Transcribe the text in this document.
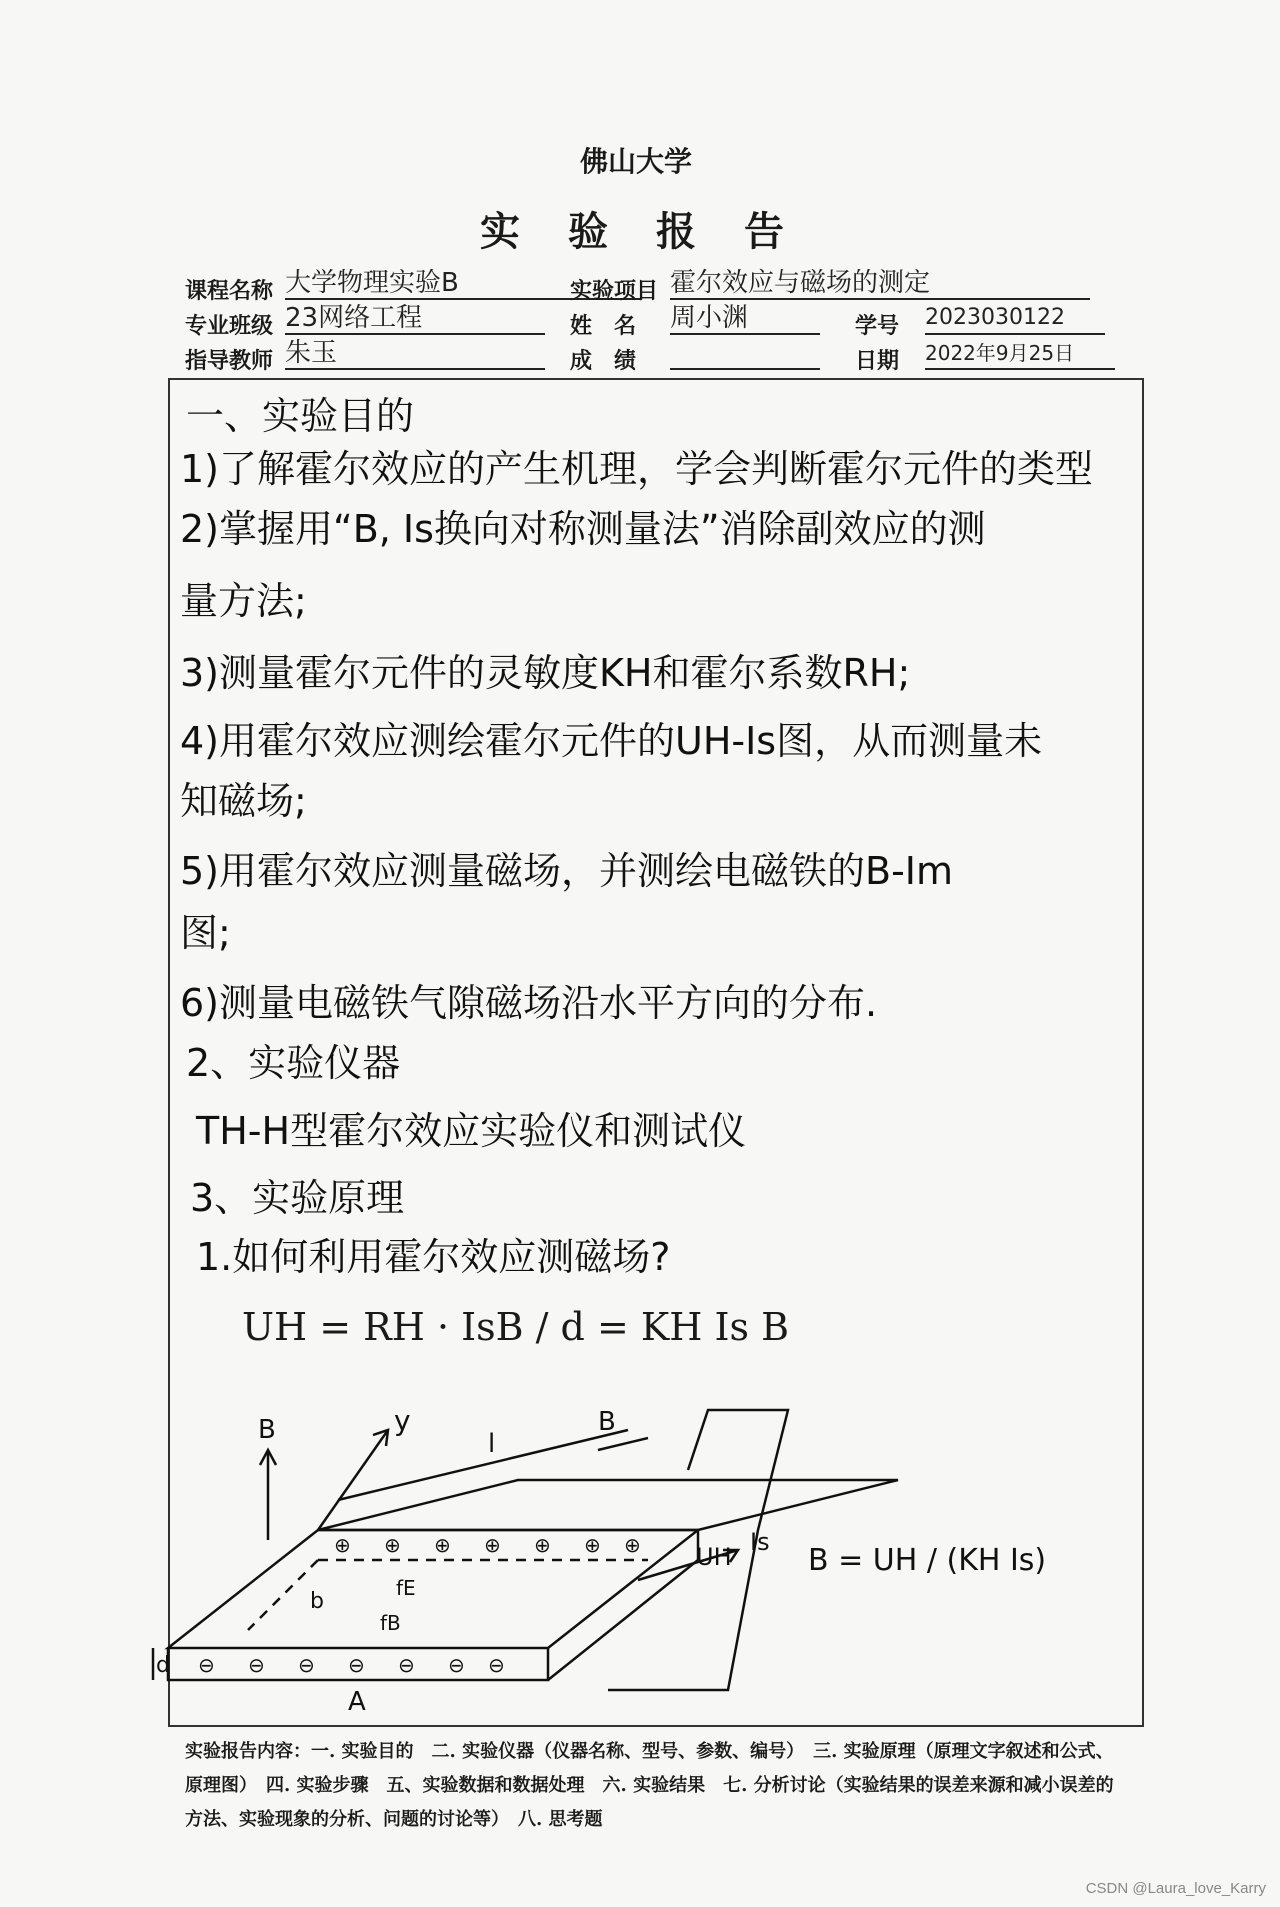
佛山大学
实验报告
课程名称 大学物理实验B	实验项目 霍尔效应与磁场的测定
专业班级 23网络工程	姓　名 周小渊	学号 2023030122
指导教师 朱玉	成　绩	日期 2022年9月25日
一、实验目的
1)了解霍尔效应的产生机理，学会判断霍尔元件的类型
2)掌握用“B, Is换向对称测量法”消除副效应的测
量方法;
3)测量霍尔元件的灵敏度KH和霍尔系数RH;
4)用霍尔效应测绘霍尔元件的UH-Is图，从而测量未
知磁场;
5)用霍尔效应测量磁场，并测绘电磁铁的B-Im
图;
6)测量电磁铁气隙磁场沿水平方向的分布.
2、实验仪器
TH-H型霍尔效应实验仪和测试仪
3、实验原理
1.如何利用霍尔效应测磁场?
UH = RH · IsB / d = KH Is B
⊕ ⊕ ⊕ ⊕ ⊕ ⊕ ⊕
⊖ ⊖ ⊖ ⊖ ⊖ ⊖ ⊖
y
B	B
l
fE
b
fB
Is
UH
d
A
B = UH / (KH Is)
实验报告内容：一. 实验目的　二. 实验仪器（仪器名称、型号、参数、编号）　三. 实验原理（原理文字叙述和公式、原理图）　四. 实验步骤　五、实验数据和数据处理　六. 实验结果　七. 分析讨论（实验结果的误差来源和减小误差的方法、实验现象的分析、问题的讨论等）　八. 思考题
CSDN @Laura_love_Karry
